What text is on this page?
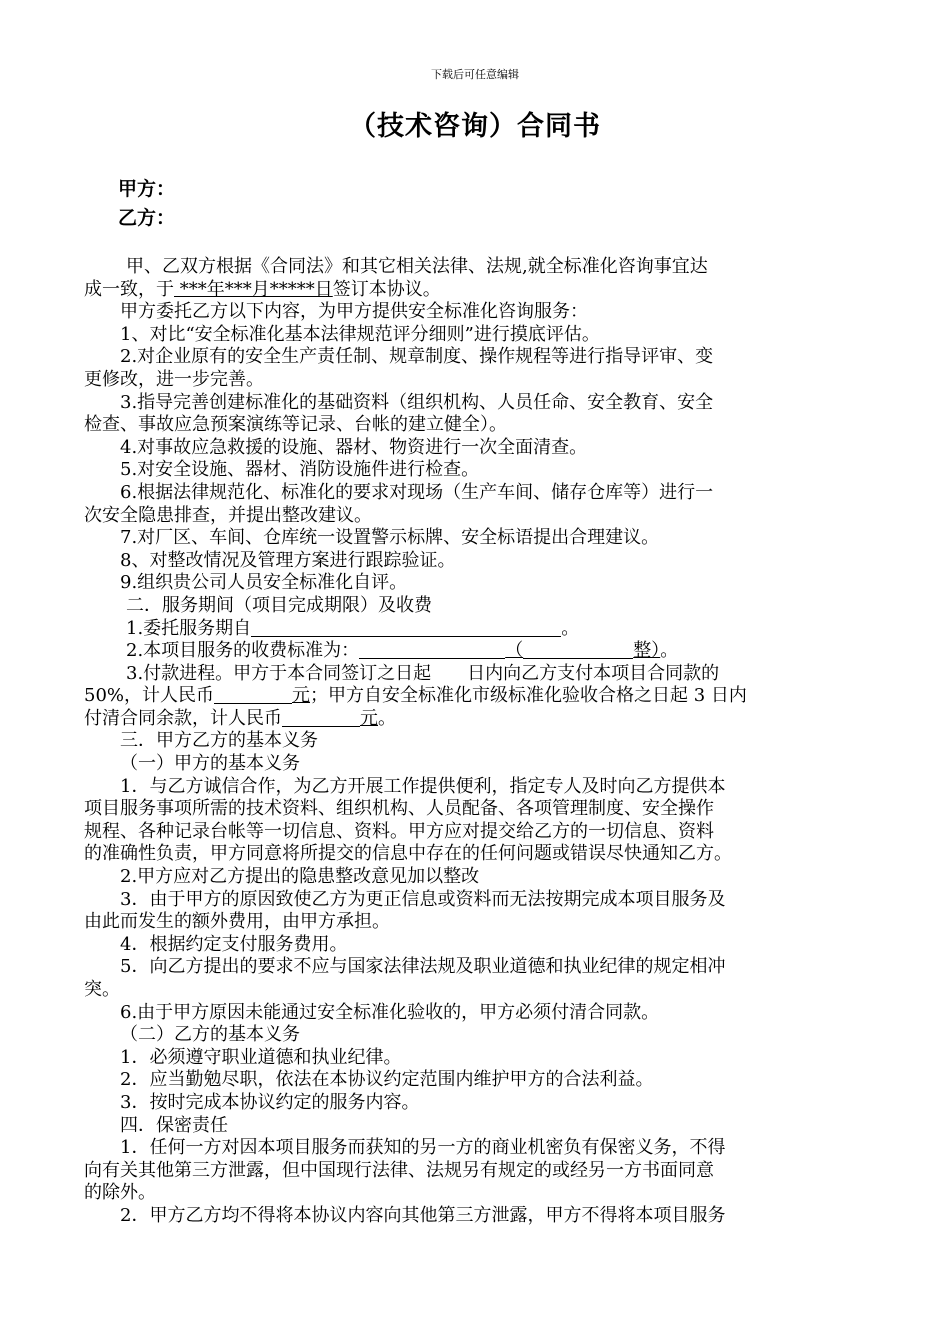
下载后可任意编辑
（技术咨询）合同书
甲方：
乙方：

甲、乙双方根据《合同法》和其它相关法律、法规,就全标准化咨询事宜达

成一致，于 ***年***月*****日签订本协议。

甲方委托乙方以下内容，为甲方提供安全标准化咨询服务：

1、对比“安全标准化基本法律规范评分细则”进行摸底评估。

2.对企业原有的安全生产责任制、规章制度、操作规程等进行指导评审、变

更修改，进一步完善。

3.指导完善创建标准化的基础资料（组织机构、人员任命、安全教育、安全

检查、事故应急预案演练等记录、台帐的建立健全）。

4.对事故应急救援的设施、器材、物资进行一次全面清查。

5.对安全设施、器材、消防设施件进行检查。

6.根据法律规范化、标准化的要求对现场（生产车间、储存仓库等）进行一

次安全隐患排查，并提出整改建议。

7.对厂区、车间、仓库统一设置警示标牌、安全标语提出合理建议。

8、对整改情况及管理方案进行跟踪验证。

9.组织贵公司人员安全标准化自评。

二．服务期间（项目完成期限）及收费

1.委托服务期自	。

2.本项目服务的收费标准为：	（	整）。

3.付款进程。甲方于本合同签订之日起　　日内向乙方支付本项目合同款的

50%，计人民币	元；甲方自安全标准化市级标准化验收合格之日起 3 日内

付清合同余款，计人民币	元。

三．甲方乙方的基本义务

（一）甲方的基本义务

1．与乙方诚信合作，为乙方开展工作提供便利，指定专人及时向乙方提供本

项目服务事项所需的技术资料、组织机构、人员配备、各项管理制度、安全操作

规程、各种记录台帐等一切信息、资料。甲方应对提交给乙方的一切信息、资料

的准确性负责，甲方同意将所提交的信息中存在的任何问题或错误尽快通知乙方。

2.甲方应对乙方提出的隐患整改意见加以整改

3．由于甲方的原因致使乙方为更正信息或资料而无法按期完成本项目服务及

由此而发生的额外费用，由甲方承担。

4．根据约定支付服务费用。

5．向乙方提出的要求不应与国家法律法规及职业道德和执业纪律的规定相冲

突。

6.由于甲方原因未能通过安全标准化验收的，甲方必须付清合同款。

（二）乙方的基本义务

1．必须遵守职业道德和执业纪律。

2．应当勤勉尽职，依法在本协议约定范围内维护甲方的合法利益。

3．按时完成本协议约定的服务内容。

四．保密责任

1．任何一方对因本项目服务而获知的另一方的商业机密负有保密义务，不得

向有关其他第三方泄露，但中国现行法律、法规另有规定的或经另一方书面同意

的除外。

2．甲方乙方均不得将本协议内容向其他第三方泄露，甲方不得将本项目服务
